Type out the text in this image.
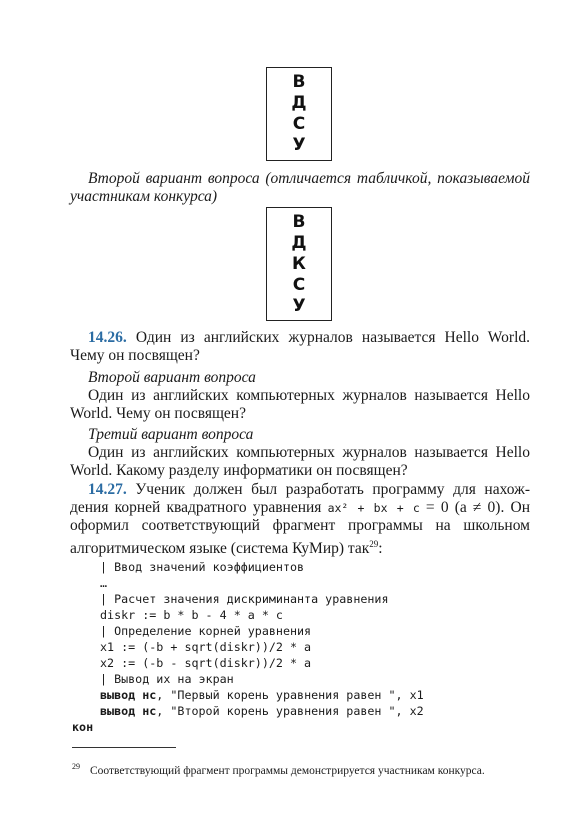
В
Д
С
У
Второй вариант вопроса (отличается табличкой, показываемой
участникам конкурса)
В
Д
К
С
У
14.26. Один из английских журналов называется Hello World.
Чему он посвящен?
Второй вариант вопроса
Один из английских компьютерных журналов называется Hello
World. Чему он посвящен?
Третий вариант вопроса
Один из английских компьютерных журналов называется Hello
World. Какому разделу информатики он посвящен?
14.27. Ученик должен был разработать программу для нахож-
дения корней квадратного уравнения ax² + bx + c = 0 (a ≠ 0). Он
оформил соответствующий фрагмент программы на школьном
алгоритмическом языке (система КуМир) так$^{29}$:
| Ввод значений коэффициентов
…
| Расчет значения дискриминанта уравнения
diskr := b * b - 4 * a * c
| Определение корней уравнения
x1 := (-b + sqrt(diskr))/2 * a
x2 := (-b - sqrt(diskr))/2 * a
| Вывод их на экран
вывод нс, "Первый корень уравнения равен ", x1
вывод нс, "Второй корень уравнения равен ", x2
кон
$^{29}$ Соответствующий фрагмент программы демонстрируется участникам конкурса.
